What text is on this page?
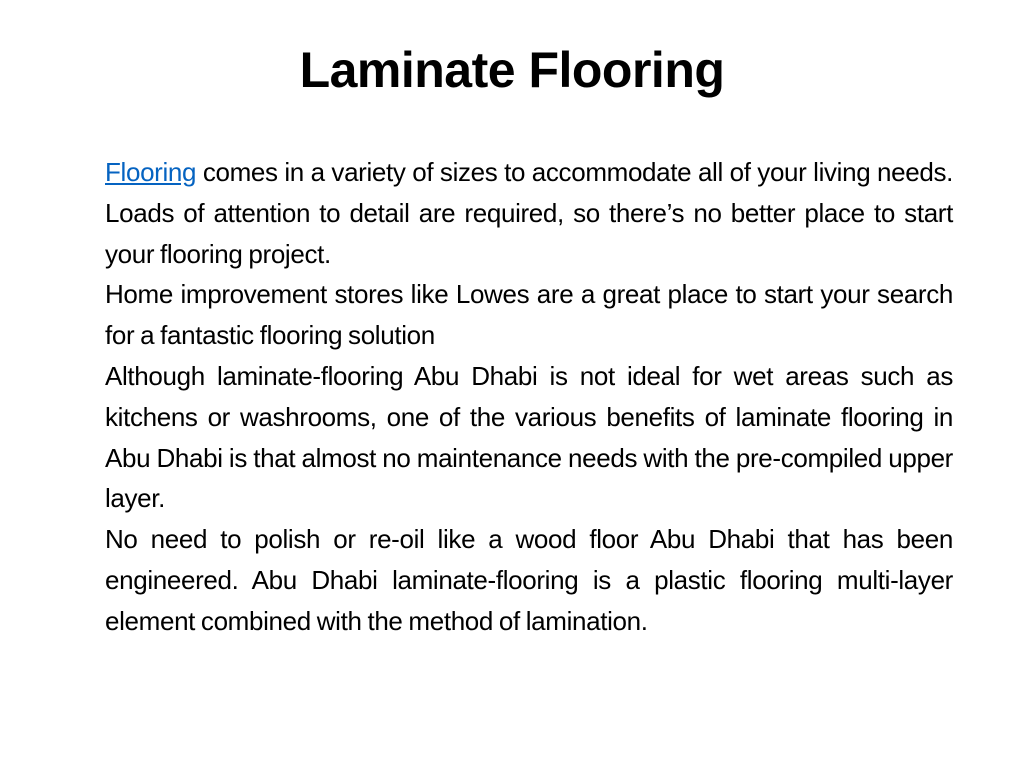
Laminate Flooring

Flooring comes in a variety of sizes to accommodate all of your living needs. Loads of attention to detail are required, so there’s no better place to start your flooring project.

Home improvement stores like Lowes are a great place to start your search for a fantastic flooring solution

Although laminate-flooring Abu Dhabi is not ideal for wet areas such as kitchens or washrooms, one of the various benefits of laminate flooring in Abu Dhabi is that almost no maintenance needs with the pre-compiled upper layer.

No need to polish or re-oil like a wood floor Abu Dhabi that has been engineered. Abu Dhabi laminate-flooring is a plastic flooring multi-layer element combined with the method of lamination.
